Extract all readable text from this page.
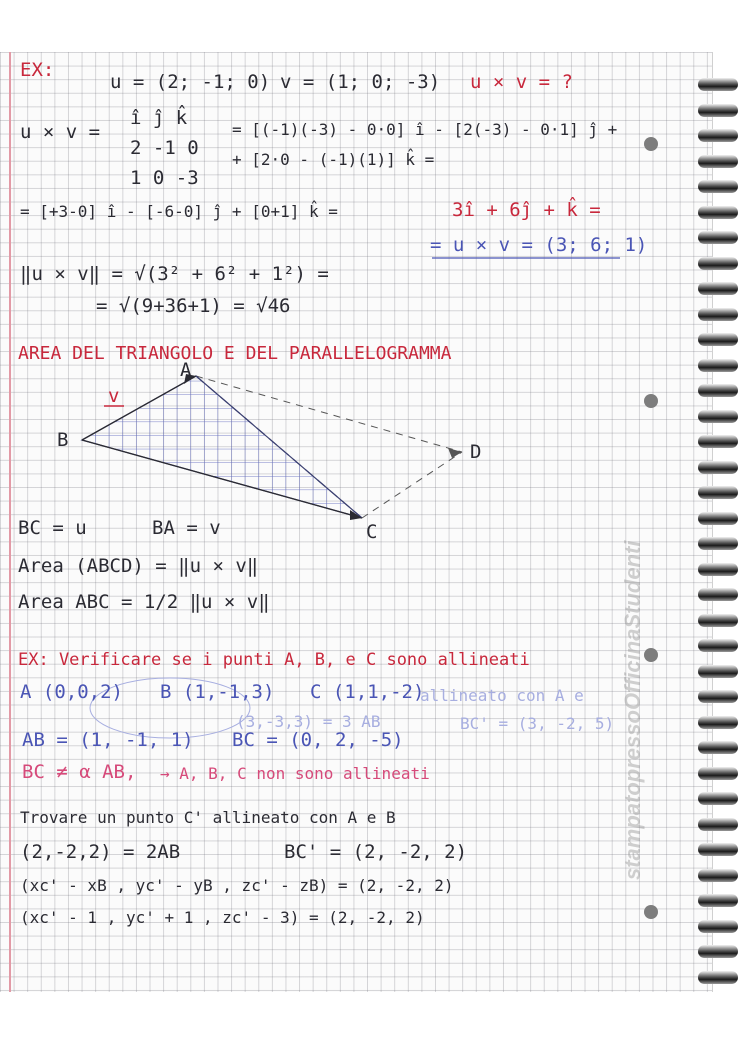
EX:
u = (2; -1; 0) v = (1; 0; -3) u × v = ?
u × v =
î ĵ k̂
2 -1 0
1 0 -3
= [(-1)(-3) - 0·0] î - [2(-3) - 0·1] ĵ +
+ [2·0 - (-1)(1)] k̂ =
= [+3-0] î - [-6-0] ĵ + [0+1] k̂ =	3î + 6ĵ + k̂ =
= u × v = (3; 6; 1)
‖u × v‖ = √(3² + 6² + 1²) =
= √(9+36+1) = √46
AREA DEL TRIANGOLO E DEL PARALLELOGRAMMA
B
A
C
D
v
BC = u	BA = v
Area (ABCD) = ‖u × v‖
Area ABC = 1/2 ‖u × v‖
EX: Verificare se i punti A, B, e C sono allineati
A (0,0,2) B (1,-1,3) C (1,1,-2)
allineato con A e
(3,-3,3) = 3 AB	BC' = (3, -2, 5)
AB = (1, -1, 1) BC = (0, 2, -5)
BC ≠ α AB, → A, B, C non sono allineati
Trovare un punto C' allineato con A e B
(2,-2,2) = 2AB	BC' = (2, -2, 2)
(xc' - xB , yc' - yB , zc' - zB) = (2, -2, 2)
(xc' - 1 , yc' + 1 , zc' - 3) = (2, -2, 2)
stampatopressoOfficinaStudenti
